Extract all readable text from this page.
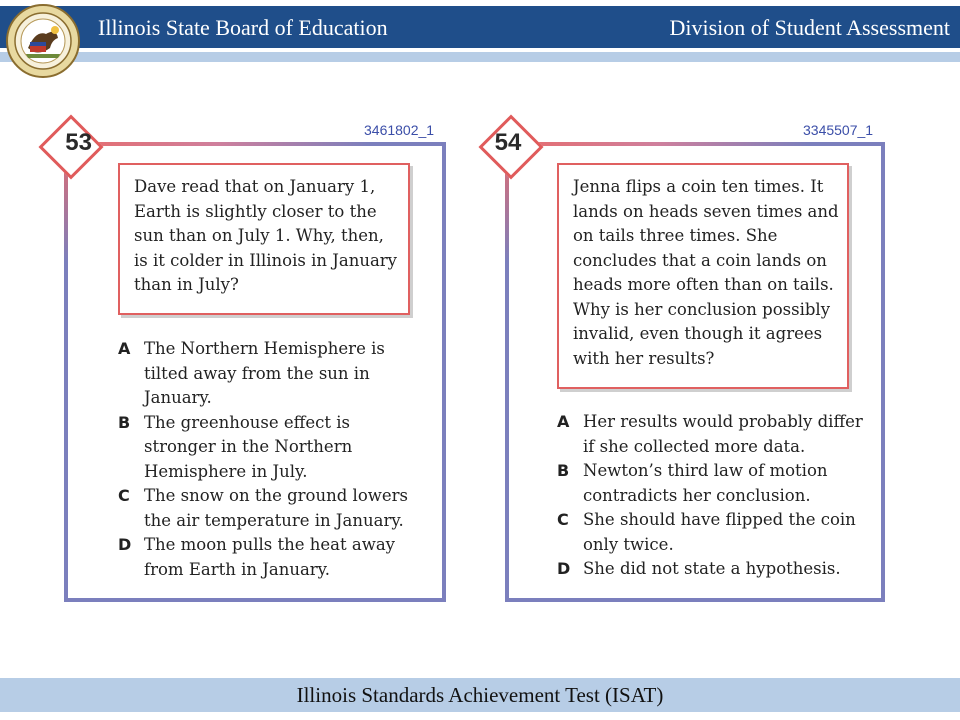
Illinois State Board of Education	Division of Student Assessment
53	3461802_1
Dave read that on January 1, Earth is slightly closer to the sun than on July 1. Why, then, is it colder in Illinois in January than in July?
A The Northern Hemisphere is tilted away from the sun in January.
B The greenhouse effect is stronger in the Northern Hemisphere in July.
C The snow on the ground lowers the air temperature in January.
D The moon pulls the heat away from Earth in January.
54	3345507_1
Jenna flips a coin ten times. It lands on heads seven times and on tails three times. She concludes that a coin lands on heads more often than on tails. Why is her conclusion possibly invalid, even though it agrees with her results?
A Her results would probably differ if she collected more data.
B Newton’s third law of motion contradicts her conclusion.
C She should have flipped the coin only twice.
D She did not state a hypothesis.
Illinois Standards Achievement Test (ISAT)
